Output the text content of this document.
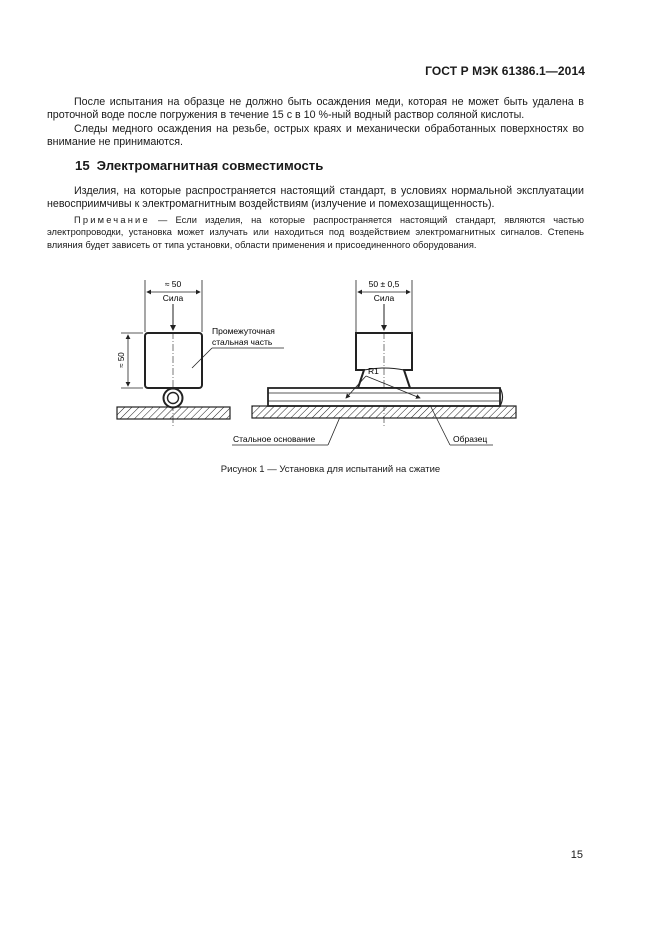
ГОСТ Р МЭК 61386.1—2014
После испытания на образце не должно быть осаждения меди, которая не может быть удалена в проточной воде после погружения в течение 15 с в 10 %-ный водный раствор соляной кислоты.
Следы медного осаждения на резьбе, острых краях и механически обработанных поверхностях во внимание не принимаются.
15 Электромагнитная совместимость
Изделия, на которые распространяется настоящий стандарт, в условиях нормальной эксплуатации невосприимчивы к электромагнитным воздействиям (излучение и помехозащищенность).
Примечание — Если изделия, на которые распространяется настоящий стандарт, являются частью электропроводки, установка может излучать или находиться под воздействием электромагнитных сигналов. Степень влияния будет зависеть от типа установки, области применения и присоединенного оборудования.
≈ 50
Сила
≈ 50
Промежуточная
стальная часть
50 ± 0,5
Сила
R1
Стальное основание	Образец
Рисунок 1 — Установка для испытаний на сжатие
15
